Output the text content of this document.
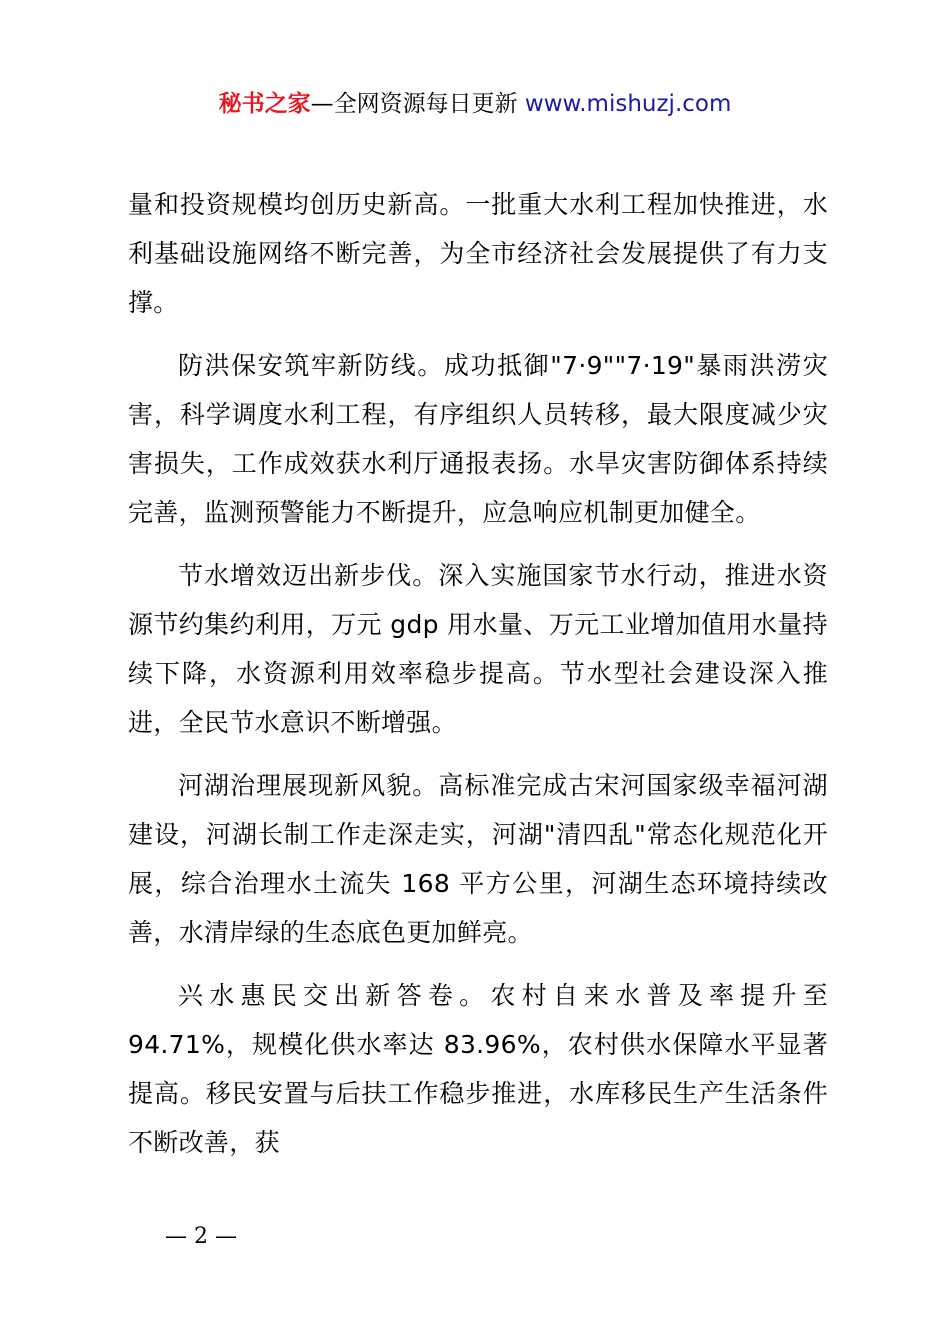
秘书之家—全网资源每日更新 www.mishuzj.com

量和投资规模均创历史新高。一批重大水利工程加快推进，水利基础设施网络不断完善，为全市经济社会发展提供了有力支撑。

防洪保安筑牢新防线。成功抵御"7·9""7·19"暴雨洪涝灾害，科学调度水利工程，有序组织人员转移，最大限度减少灾害损失，工作成效获水利厅通报表扬。水旱灾害防御体系持续完善，监测预警能力不断提升，应急响应机制更加健全。

节水增效迈出新步伐。深入实施国家节水行动，推进水资源节约集约利用，万元 gdp 用水量、万元工业增加值用水量持续下降，水资源利用效率稳步提高。节水型社会建设深入推进，全民节水意识不断增强。

河湖治理展现新风貌。高标准完成古宋河国家级幸福河湖建设，河湖长制工作走深走实，河湖"清四乱"常态化规范化开展，综合治理水土流失 168 平方公里，河湖生态环境持续改善，水清岸绿的生态底色更加鲜亮。

兴水惠民交出新答卷。农村自来水普及率提升至 94.71%，规模化供水率达 83.96%，农村供水保障水平显著提高。移民安置与后扶工作稳步推进，水库移民生产生活条件不断改善，获

— 2 —
